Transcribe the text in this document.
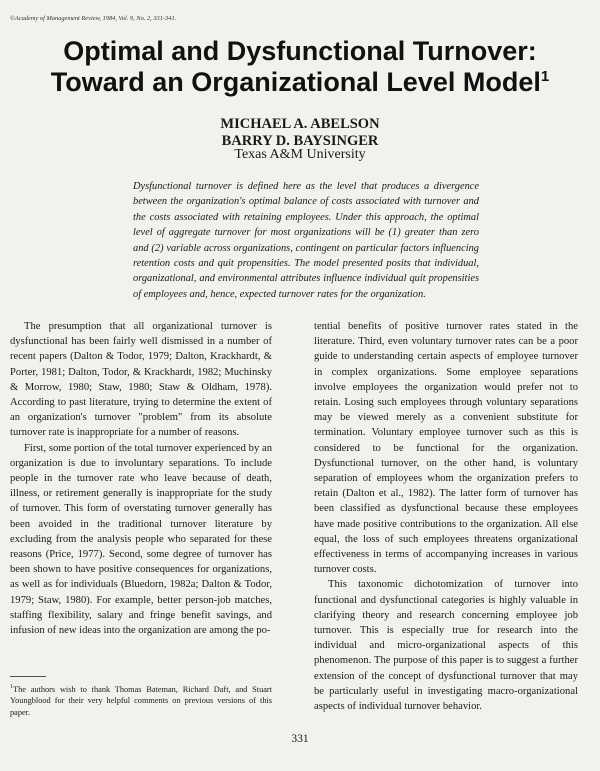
©Academy of Management Review, 1984, Vol. 9, No. 2, 331-341.
Optimal and Dysfunctional Turnover:
Toward an Organizational Level Model$^1$
MICHAEL A. ABELSON
BARRY D. BAYSINGER
Texas A&M University
Dysfunctional turnover is defined here as the level that produces a divergence between the organization's optimal balance of costs associated with turnover and the costs associated with retaining employees. Under this approach, the optimal level of aggregate turnover for most organizations will be (1) greater than zero and (2) variable across organizations, contingent on particular factors influencing retention costs and quit propensities. The model presented posits that individual, organizational, and environmental attributes influence individual quit propensities of employees and, hence, expected turnover rates for the organization.

The presumption that all organizational turnover is dysfunctional has been fairly well dismissed in a number of recent papers (Dalton & Todor, 1979; Dalton, Krackhardt, & Porter, 1981; Dalton, Todor, & Krackhardt, 1982; Muchinsky & Morrow, 1980; Staw, 1980; Staw & Oldham, 1978). According to past literature, trying to determine the extent of an organization's turnover "problem" from its absolute turnover rate is inappropriate for a number of reasons.

First, some portion of the total turnover experienced by an organization is due to involuntary separations. To include people in the turnover rate who leave because of death, illness, or retirement generally is inappropriate for the study of turnover. This form of overstating turnover generally has been avoided in the traditional turnover literature by excluding from the analysis people who separated for these reasons (Price, 1977). Second, some degree of turnover has been shown to have positive consequences for organizations, as well as for individuals (Bluedorn, 1982a; Dalton & Todor, 1979; Staw, 1980). For example, better person-job matches, staffing flexibility, salary and fringe benefit savings, and infusion of new ideas into the organization are among the po-

tential benefits of positive turnover rates stated in the literature. Third, even voluntary turnover rates can be a poor guide to understanding certain aspects of employee turnover in complex organizations. Some employee separations involve employees the organization would prefer not to retain. Losing such employees through voluntary separations may be viewed merely as a convenient substitute for termination. Voluntary employee turnover such as this is considered to be functional for the organization. Dysfunctional turnover, on the other hand, is voluntary separation of employees whom the organization prefers to retain (Dalton et al., 1982). The latter form of turnover has been classified as dysfunctional because these employees have made positive contributions to the organization. All else equal, the loss of such employees threatens organizational effectiveness in terms of accompanying increases in various turnover costs.

This taxonomic dichotomization of turnover into functional and dysfunctional categories is highly valuable in clarifying theory and research concerning employee job turnover. This is especially true for research into the individual and micro-organizational aspects of this phenomenon. The purpose of this paper is to suggest a further extension of the concept of dysfunctional turnover that may be particularly useful in investigating macro-organizational aspects of individual turnover behavior.

$^1$The authors wish to thank Thomas Bateman, Richard Daft, and Stuart Youngblood for their very helpful comments on previous versions of this paper.
331
